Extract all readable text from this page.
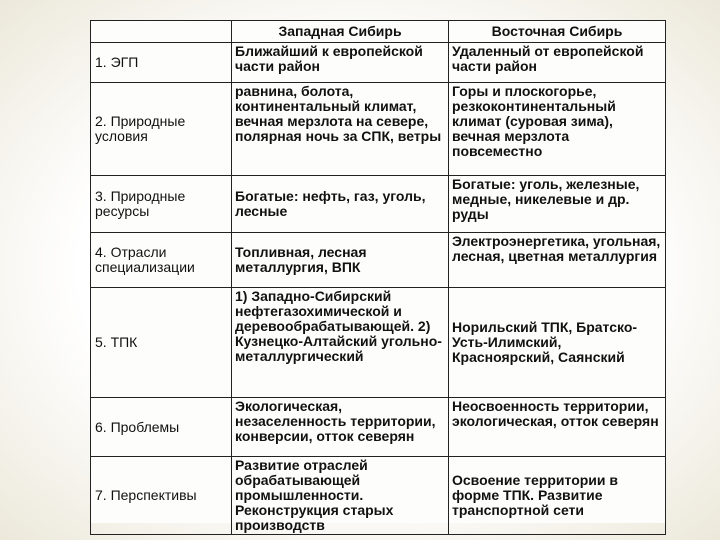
	Западная Сибирь	Восточная Сибирь
1. ЭГП	Ближайший к европейской части район	Удаленный от европейской части район
2. Природные условия	равнина, болота, континентальный климат, вечная мерзлота на севере, полярная ночь за СПК, ветры	Горы и плоскогорье, резкоконтинентальный климат (суровая зима), вечная мерзлота повсеместно
3. Природные ресурсы	Богатые: нефть, газ, уголь, лесные	Богатые: уголь, железные, медные, никелевые и др. руды
4. Отрасли специализации	Топливная, лесная металлургия, ВПК	Электроэнергетика, угольная, лесная, цветная металлургия
5. ТПК	1) Западно-Сибирский нефтегазохимической и деревообрабатывающей. 2) Кузнецко-Алтайский угольно-металлургический	Норильский ТПК, Братско-Усть-Илимский, Красноярский, Саянский
6. Проблемы	Экологическая, незаселенность территории, конверсии, отток северян	Неосвоенность территории, экологическая, отток северян
7. Перспективы	Развитие отраслей обрабатывающей промышленности. Реконструкция старых производств	Освоение территории в форме ТПК. Развитие транспортной сети
